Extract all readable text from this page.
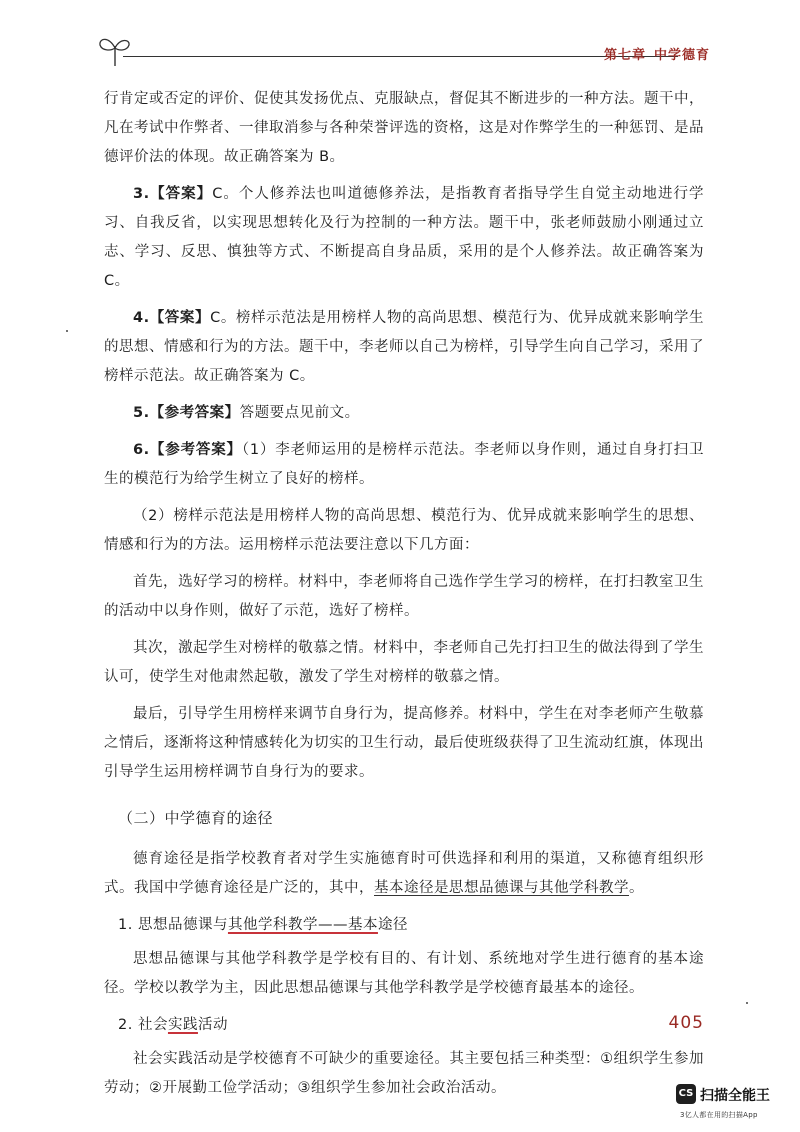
第七章 中学德育

行肯定或否定的评价、促使其发扬优点、克服缺点，督促其不断进步的一种方法。题干中，凡在考试中作弊者、一律取消参与各种荣誉评选的资格，这是对作弊学生的一种惩罚、是品德评价法的体现。故正确答案为 B。

3.【答案】C。个人修养法也叫道德修养法，是指教育者指导学生自觉主动地进行学习、自我反省，以实现思想转化及行为控制的一种方法。题干中，张老师鼓励小刚通过立志、学习、反思、慎独等方式、不断提高自身品质，采用的是个人修养法。故正确答案为 C。

4.【答案】C。榜样示范法是用榜样人物的高尚思想、模范行为、优异成就来影响学生的思想、情感和行为的方法。题干中，李老师以自己为榜样，引导学生向自己学习，采用了榜样示范法。故正确答案为 C。

5.【参考答案】答题要点见前文。

6.【参考答案】（1）李老师运用的是榜样示范法。李老师以身作则，通过自身打扫卫生的模范行为给学生树立了良好的榜样。

（2）榜样示范法是用榜样人物的高尚思想、模范行为、优异成就来影响学生的思想、情感和行为的方法。运用榜样示范法要注意以下几方面：

首先，选好学习的榜样。材料中，李老师将自己选作学生学习的榜样，在打扫教室卫生的活动中以身作则，做好了示范，选好了榜样。

其次，激起学生对榜样的敬慕之情。材料中，李老师自己先打扫卫生的做法得到了学生认可，使学生对他肃然起敬，激发了学生对榜样的敬慕之情。

最后，引导学生用榜样来调节自身行为，提高修养。材料中，学生在对李老师产生敬慕之情后，逐渐将这种情感转化为切实的卫生行动，最后使班级获得了卫生流动红旗，体现出引导学生运用榜样调节自身行为的要求。

（二）中学德育的途径

德育途径是指学校教育者对学生实施德育时可供选择和利用的渠道，又称德育组织形式。我国中学德育途径是广泛的，其中，基本途径是思想品德课与其他学科教学。

1. 思想品德课与其他学科教学——基本途径

思想品德课与其他学科教学是学校有目的、有计划、系统地对学生进行德育的基本途径。学校以教学为主，因此思想品德课与其他学科教学是学校德育最基本的途径。

2. 社会实践活动

社会实践活动是学校德育不可缺少的重要途径。其主要包括三种类型：①组织学生参加劳动；②开展勤工俭学活动；③组织学生参加社会政治活动。

405
CS 扫描全能王
3亿人都在用的扫描App
